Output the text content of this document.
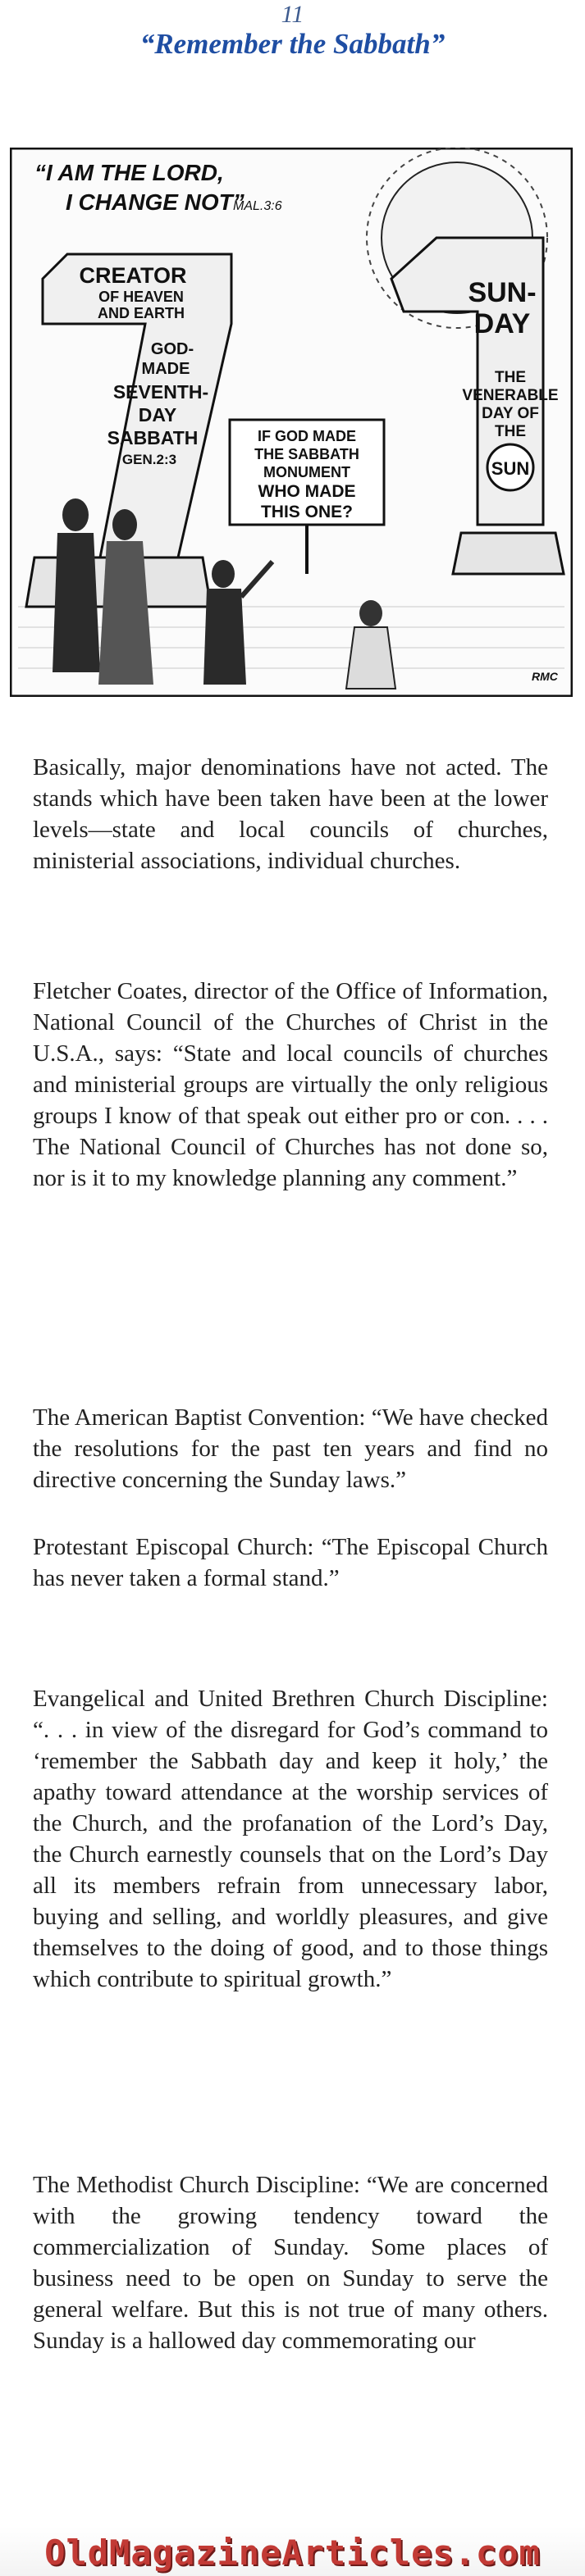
11
“Remember the Sabbath”
“I AM THE LORD,
I CHANGE NOT”
MAL.3:6
SUN-
DAY
THE
VENERABLE
DAY OF
THE
SUN
CREATOR
OF HEAVEN
AND EARTH
GOD-
MADE
SEVENTH-
DAY
SABBATH
GEN.2:3
IF GOD MADE
THE SABBATH
MONUMENT
WHO MADE
THIS ONE?
RMC

Basically, major denominations have not acted. The stands which have been taken have been at the lower levels—state and local councils of churches, ministerial associations, individual churches.

Fletcher Coates, director of the Office of Information, National Council of the Churches of Christ in the U.S.A., says: “State and local councils of churches and ministerial groups are virtually the only religious groups I know of that speak out either pro or con. . . . The National Council of Churches has not done so, nor is it to my knowledge planning any comment.”

The American Baptist Convention: “We have checked the resolutions for the past ten years and find no directive concerning the Sunday laws.”

Protestant Episcopal Church: “The Episcopal Church has never taken a formal stand.”

Evangelical and United Brethren Church Discipline: “. . . in view of the disregard for God’s command to ‘remember the Sabbath day and keep it holy,’ the apathy toward attendance at the worship services of the Church, and the profanation of the Lord’s Day, the Church earnestly counsels that on the Lord’s Day all its members refrain from unnecessary labor, buying and selling, and worldly pleasures, and give themselves to the doing of good, and to those things which contribute to spiritual growth.”

The Methodist Church Discipline: “We are concerned with the growing tendency toward the commercialization of Sunday. Some places of business need to be open on Sunday to serve the general welfare. But this is not true of many others. Sunday is a hallowed day commemorating our

OldMagazineArticles.com
